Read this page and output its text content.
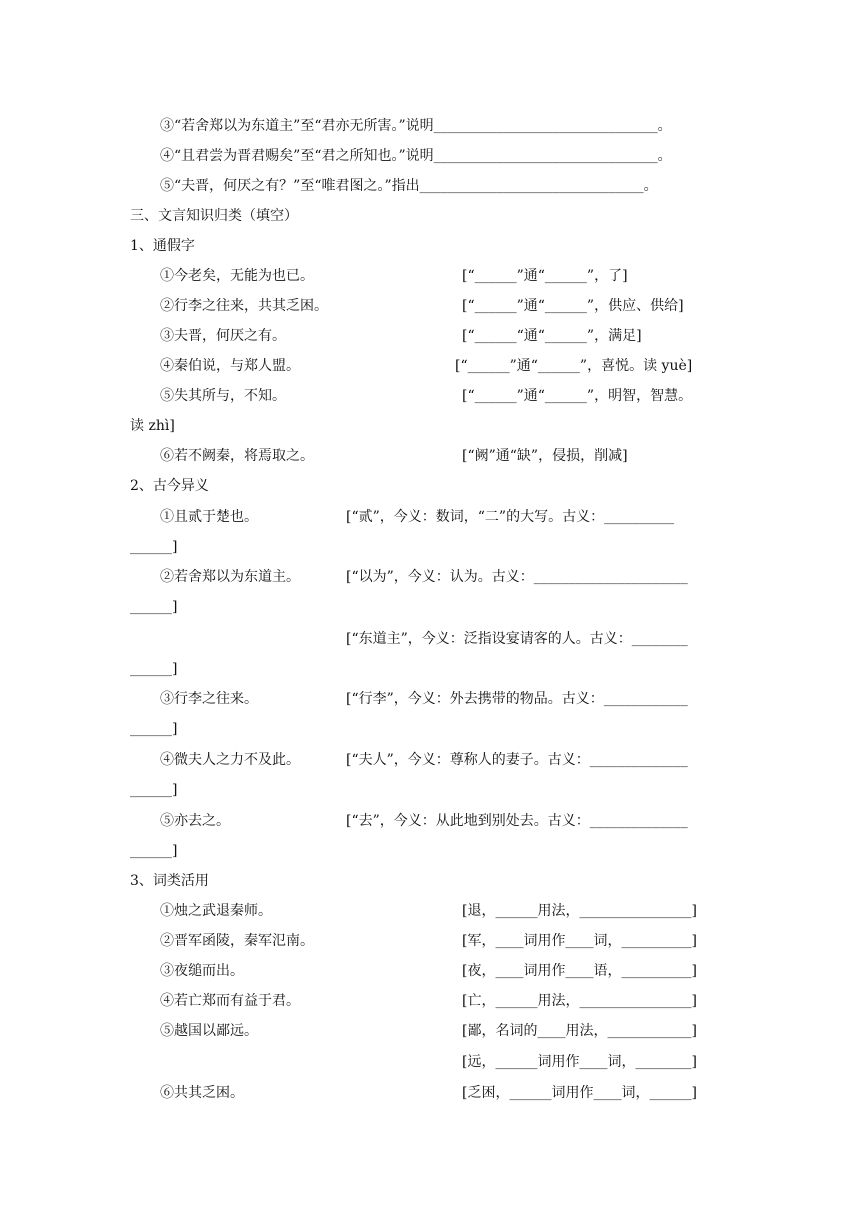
③“若舍郑以为东道主”至“君亦无所害。”说明________________________________。
④“且君尝为晋君赐矣”至“君之所知也。”说明________________________________。
⑤“夫晋，何厌之有？”至“唯君图之。”指出________________________________。
三、文言知识归类（填空）
1、通假字
①今老矣，无能为也已。	[“______”通“______”，了]
②行李之往来，共其乏困。	[“______”通“______”，供应、供给]
③夫晋，何厌之有。	[“______“通“______”，满足]
④秦伯说，与郑人盟。	[“______”通“______”，喜悦。读 yuè]
⑤失其所与，不知。	[“______”通“______”，明智，智慧。
读 zhì]
⑥若不阙秦，将焉取之。	[“阙”通“缺”，侵损，削减]
2、古今异义
①且贰于楚也。	[“贰”，今义：数词，“二”的大写。古义：__________
______]
②若舍郑以为东道主。	[“以为”，今义：认为。古义：______________________
______]
[“东道主”，今义：泛指设宴请客的人。古义：________
______]
③行李之往来。	[“行李”，今义：外去携带的物品。古义：____________
______]
④微夫人之力不及此。	[“夫人”，今义：尊称人的妻子。古义：______________
______]
⑤亦去之。	[“去”，今义：从此地到别处去。古义：______________
______]
3、词类活用
①烛之武退秦师。	[退，______用法，________________]
②晋军函陵，秦军氾南。	[军，____词用作____词，__________]
③夜缒而出。	[夜，____词用作____语，__________]
④若亡郑而有益于君。	[亡，______用法，________________]
⑤越国以鄙远。	[鄙，名词的____用法，____________]
[远，______词用作____词，________]
⑥共其乏困。	[乏困，______词用作____词，______]
